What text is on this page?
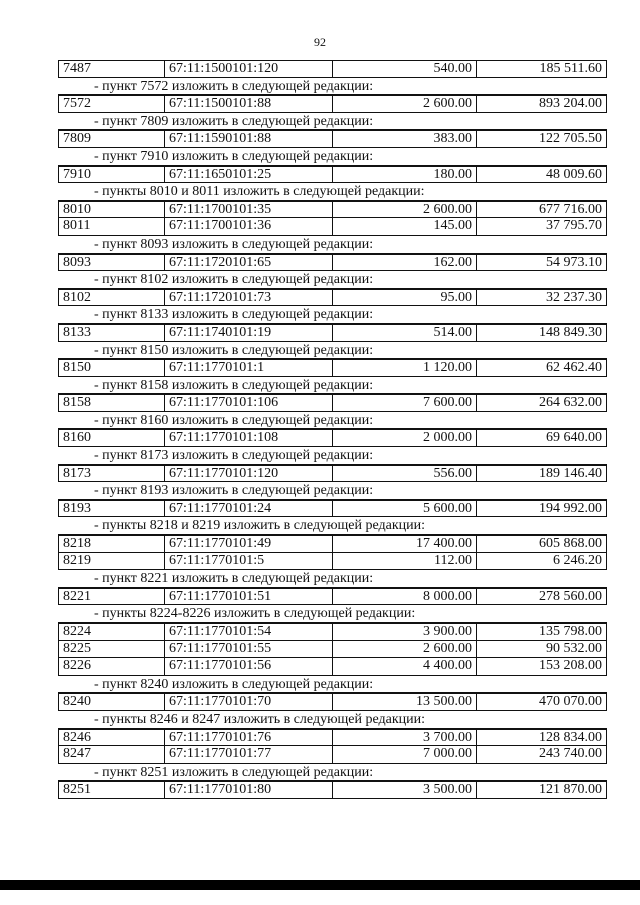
92
7487	67:11:1500101:120	540.00	185 511.60
- пункт 7572 изложить в следующей редакции:
7572	67:11:1500101:88	2 600.00	893 204.00
- пункт 7809 изложить в следующей редакции:
7809	67:11:1590101:88	383.00	122 705.50
- пункт 7910 изложить в следующей редакции:
7910	67:11:1650101:25	180.00	48 009.60
- пункты 8010 и 8011 изложить в следующей редакции:
8010	67:11:1700101:35	2 600.00	677 716.00
8011	67:11:1700101:36	145.00	37 795.70
- пункт 8093 изложить в следующей редакции:
8093	67:11:1720101:65	162.00	54 973.10
- пункт 8102 изложить в следующей редакции:
8102	67:11:1720101:73	95.00	32 237.30
- пункт 8133 изложить в следующей редакции:
8133	67:11:1740101:19	514.00	148 849.30
- пункт 8150 изложить в следующей редакции:
8150	67:11:1770101:1	1 120.00	62 462.40
- пункт 8158 изложить в следующей редакции:
8158	67:11:1770101:106	7 600.00	264 632.00
- пункт 8160 изложить в следующей редакции:
8160	67:11:1770101:108	2 000.00	69 640.00
- пункт 8173 изложить в следующей редакции:
8173	67:11:1770101:120	556.00	189 146.40
- пункт 8193 изложить в следующей редакции:
8193	67:11:1770101:24	5 600.00	194 992.00
- пункты 8218 и 8219 изложить в следующей редакции:
8218	67:11:1770101:49	17 400.00	605 868.00
8219	67:11:1770101:5	112.00	6 246.20
- пункт 8221 изложить в следующей редакции:
8221	67:11:1770101:51	8 000.00	278 560.00
- пункты 8224-8226 изложить в следующей редакции:
8224	67:11:1770101:54	3 900.00	135 798.00
8225	67:11:1770101:55	2 600.00	90 532.00
8226	67:11:1770101:56	4 400.00	153 208.00
- пункт 8240 изложить в следующей редакции:
8240	67:11:1770101:70	13 500.00	470 070.00
- пункты 8246 и 8247 изложить в следующей редакции:
8246	67:11:1770101:76	3 700.00	128 834.00
8247	67:11:1770101:77	7 000.00	243 740.00
- пункт 8251 изложить в следующей редакции:
8251	67:11:1770101:80	3 500.00	121 870.00
